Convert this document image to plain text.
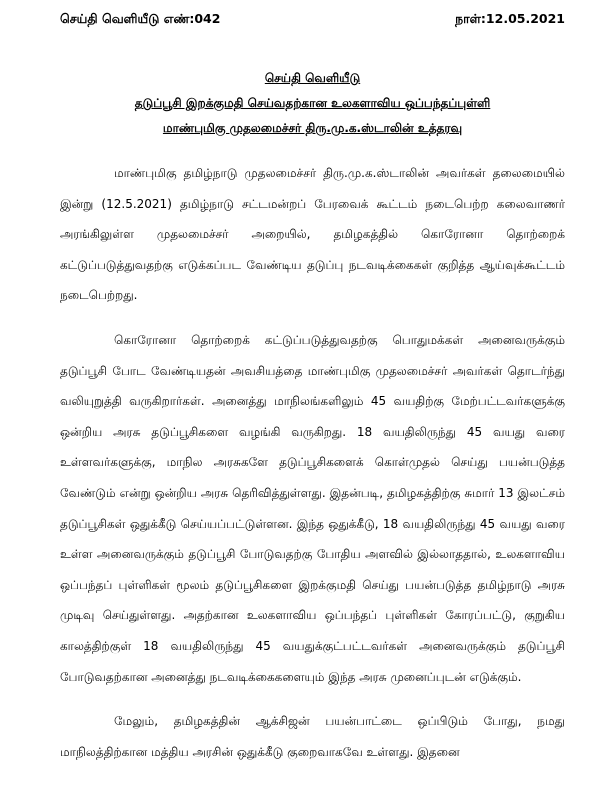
செய்தி வெளியீடு எண்:042	நாள்:12.05.2021
செய்தி வெளியீடு
தடுப்பூசி இறக்குமதி செய்வதற்கான உலகளாவிய ஒப்பந்தப்புள்ளி
மாண்புமிகு முதலமைச்சர் திரு.மு.க.ஸ்டாலின் உத்தரவு

மாண்புமிகு தமிழ்நாடு முதலமைச்சர் திரு.மு.க.ஸ்டாலின் அவர்கள் தலைமையில் இன்று (12.5.2021) தமிழ்நாடு சட்டமன்றப் பேரவைக் கூட்டம் நடைபெற்ற கலைவாணர் அரங்கிலுள்ள முதலமைச்சர் அறையில், தமிழகத்தில் கொரோனா தொற்றைக் கட்டுப்படுத்துவதற்கு எடுக்கப்பட வேண்டிய தடுப்பு நடவடிக்கைகள் குறித்த ஆய்வுக்கூட்டம் நடைபெற்றது.

கொரோனா தொற்றைக் கட்டுப்படுத்துவதற்கு பொதுமக்கள் அனைவருக்கும் தடுப்பூசி போட வேண்டியதன் அவசியத்தை மாண்புமிகு முதலமைச்சர் அவர்கள் தொடர்ந்து வலியுறுத்தி வருகிறார்கள். அனைத்து மாநிலங்களிலும் 45 வயதிற்கு மேற்பட்டவர்களுக்கு ஒன்றிய அரசு தடுப்பூசிகளை வழங்கி வருகிறது. 18 வயதிலிருந்து 45 வயது வரை உள்ளவர்களுக்கு, மாநில அரசுகளே தடுப்பூசிகளைக் கொள்முதல் செய்து பயன்படுத்த வேண்டும் என்று ஒன்றிய அரசு தெரிவித்துள்ளது. இதன்படி, தமிழகத்திற்கு சுமார் 13 இலட்சம் தடுப்பூசிகள் ஒதுக்கீடு செய்யப்பட்டுள்ளன. இந்த ஒதுக்கீடு, 18 வயதிலிருந்து 45 வயது வரை உள்ள அனைவருக்கும் தடுப்பூசி போடுவதற்கு போதிய அளவில் இல்லாததால், உலகளாவிய ஒப்பந்தப் புள்ளிகள் மூலம் தடுப்பூசிகளை இறக்குமதி செய்து பயன்படுத்த தமிழ்நாடு அரசு முடிவு செய்துள்ளது. அதற்கான உலகளாவிய ஒப்பந்தப் புள்ளிகள் கோரப்பட்டு, குறுகிய காலத்திற்குள் 18 வயதிலிருந்து 45 வயதுக்குட்பட்டவர்கள் அனைவருக்கும் தடுப்பூசி போடுவதற்கான அனைத்து நடவடிக்கைகளையும் இந்த அரசு முனைப்புடன் எடுக்கும்.

மேலும், தமிழகத்தின் ஆக்சிஜன் பயன்பாட்டை ஒப்பிடும் போது, நமது மாநிலத்திற்கான மத்திய அரசின் ஒதுக்கீடு குறைவாகவே உள்ளது. இதனை
